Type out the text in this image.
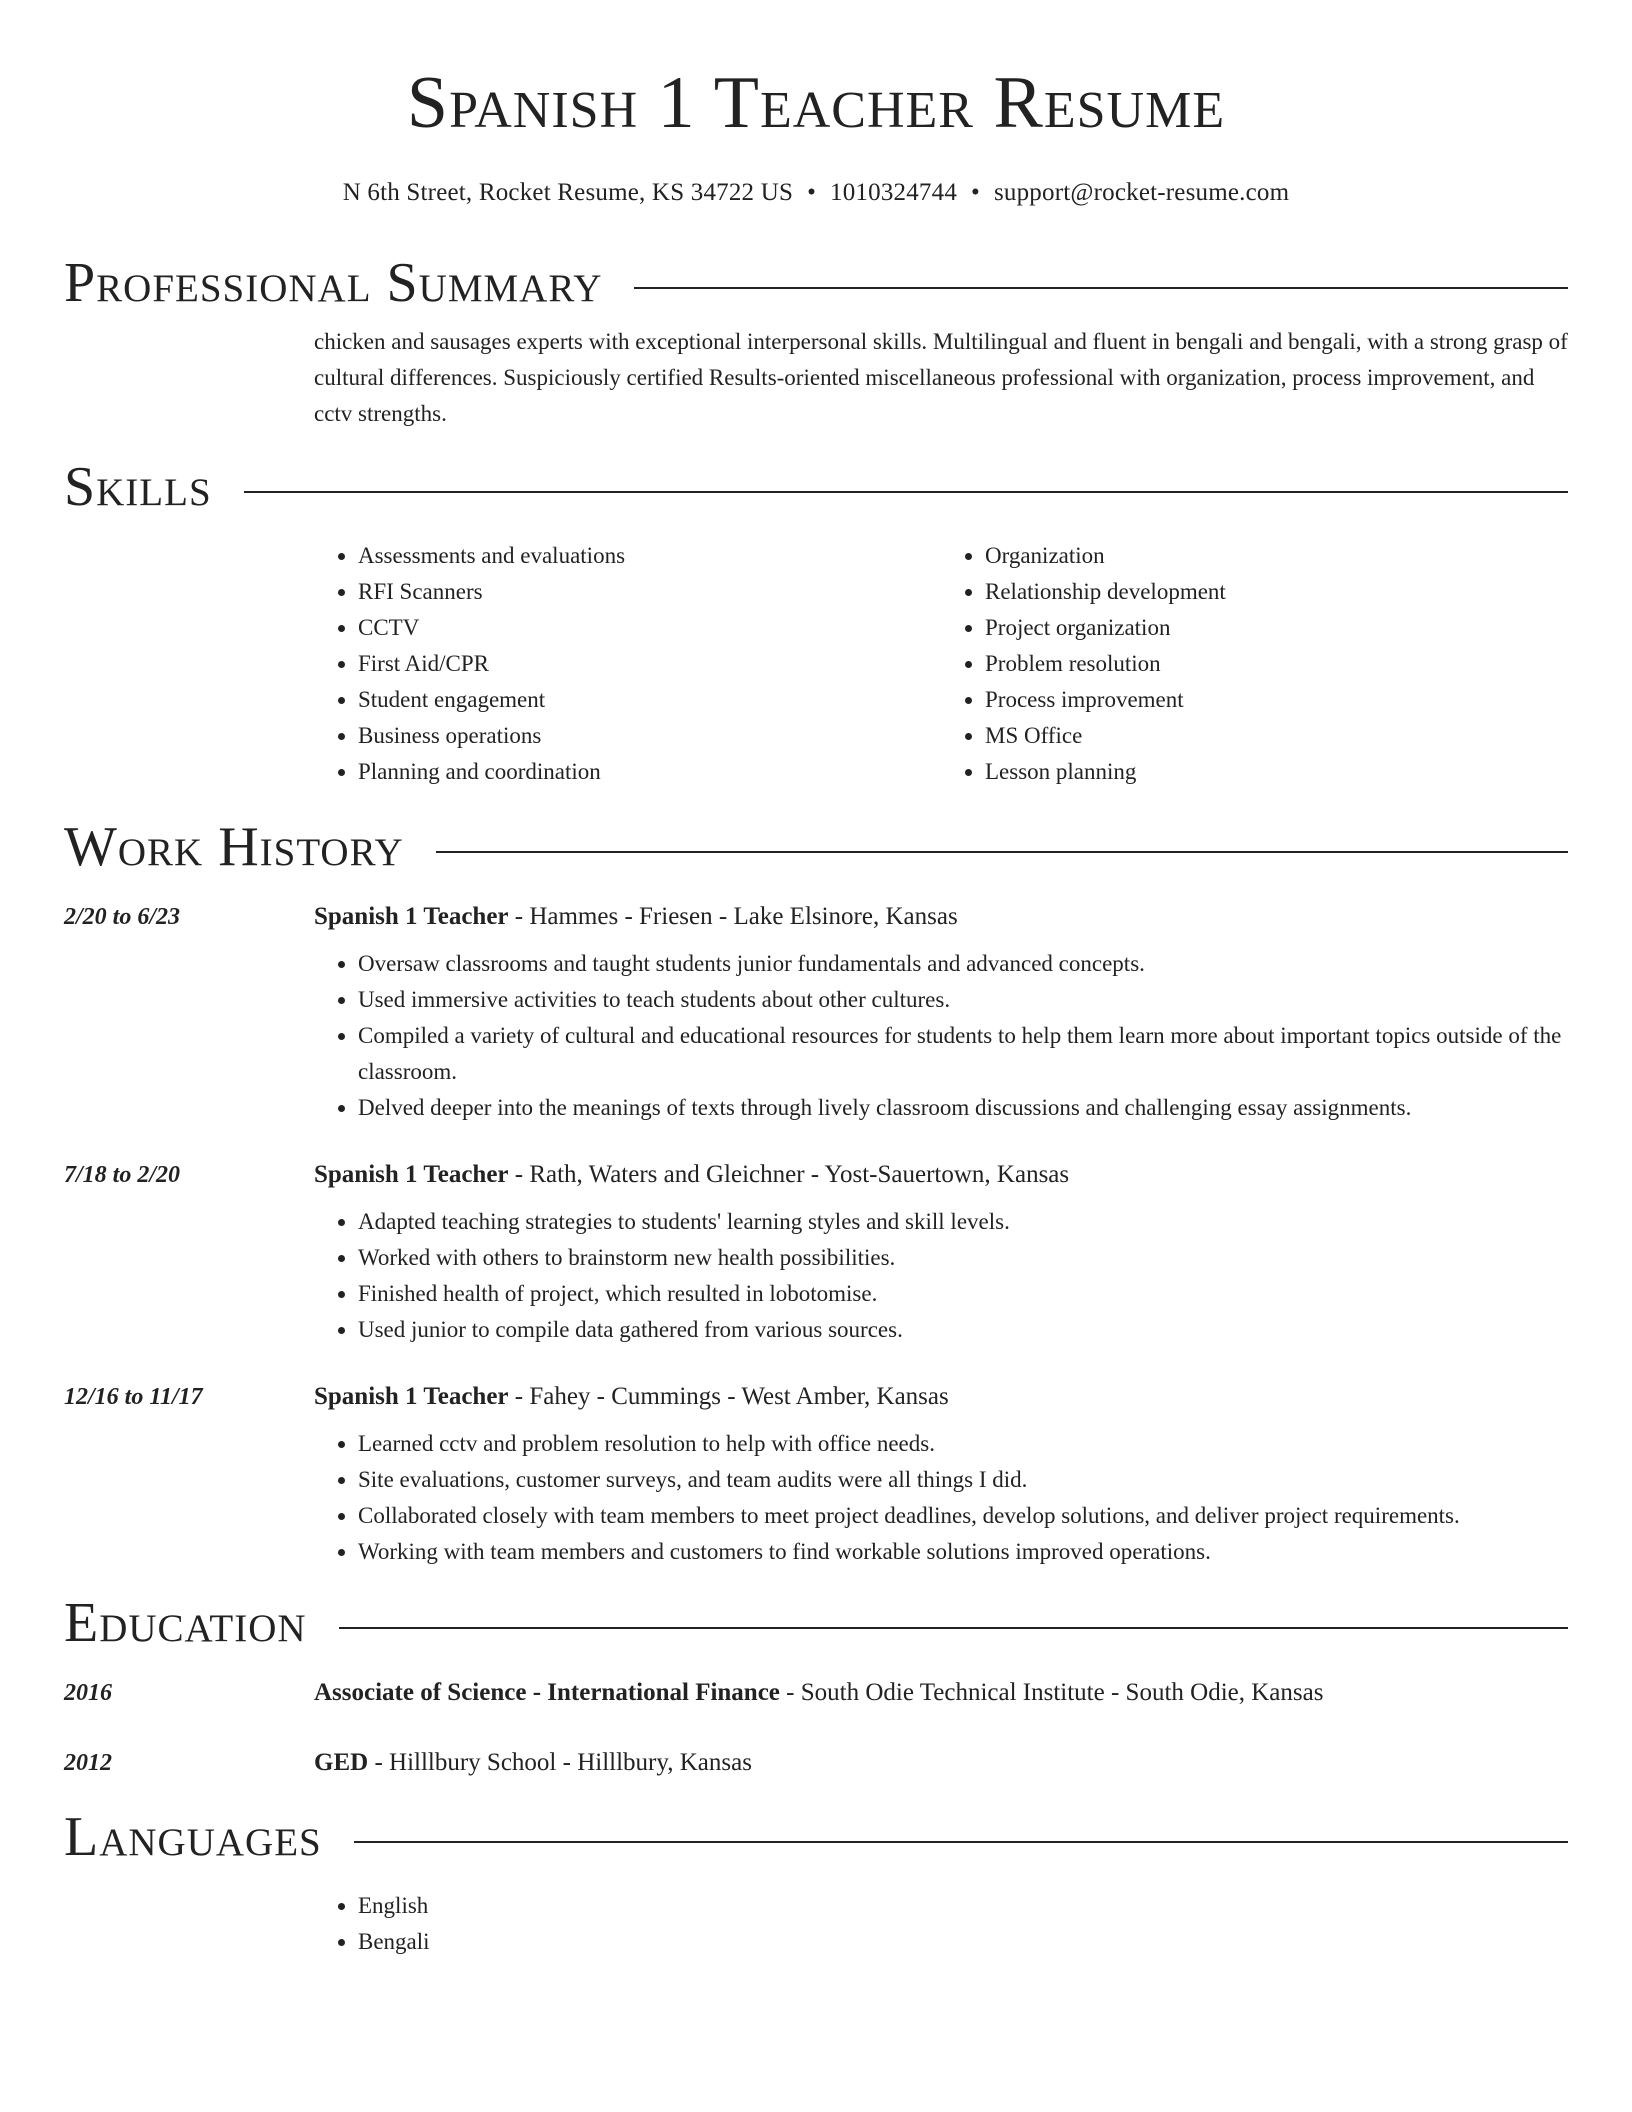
Spanish 1 Teacher Resume
N 6th Street, Rocket Resume, KS 34722 US • 1010324744 • support@rocket-resume.com
Professional Summary
chicken and sausages experts with exceptional interpersonal skills. Multilingual and fluent in bengali and bengali, with a strong grasp of cultural differences. Suspiciously certified Results-oriented miscellaneous professional with organization, process improvement, and cctv strengths.
Skills
• Assessments and evaluations
• RFI Scanners
• CCTV
• First Aid/CPR
• Student engagement
• Business operations
• Planning and coordination
• Organization
• Relationship development
• Project organization
• Problem resolution
• Process improvement
• MS Office
• Lesson planning
Work History
2/20 to 6/23	Spanish 1 Teacher - Hammes - Friesen - Lake Elsinore, Kansas
• Oversaw classrooms and taught students junior fundamentals and advanced concepts.
• Used immersive activities to teach students about other cultures.
• Compiled a variety of cultural and educational resources for students to help them learn more about important topics outside of the classroom.
• Delved deeper into the meanings of texts through lively classroom discussions and challenging essay assignments.
7/18 to 2/20	Spanish 1 Teacher - Rath, Waters and Gleichner - Yost-Sauertown, Kansas
• Adapted teaching strategies to students' learning styles and skill levels.
• Worked with others to brainstorm new health possibilities.
• Finished health of project, which resulted in lobotomise.
• Used junior to compile data gathered from various sources.
12/16 to 11/17	Spanish 1 Teacher - Fahey - Cummings - West Amber, Kansas
• Learned cctv and problem resolution to help with office needs.
• Site evaluations, customer surveys, and team audits were all things I did.
• Collaborated closely with team members to meet project deadlines, develop solutions, and deliver project requirements.
• Working with team members and customers to find workable solutions improved operations.
Education
2016	Associate of Science - International Finance - South Odie Technical Institute - South Odie, Kansas
2012	GED - Hilllbury School - Hilllbury, Kansas
Languages
• English
• Bengali
